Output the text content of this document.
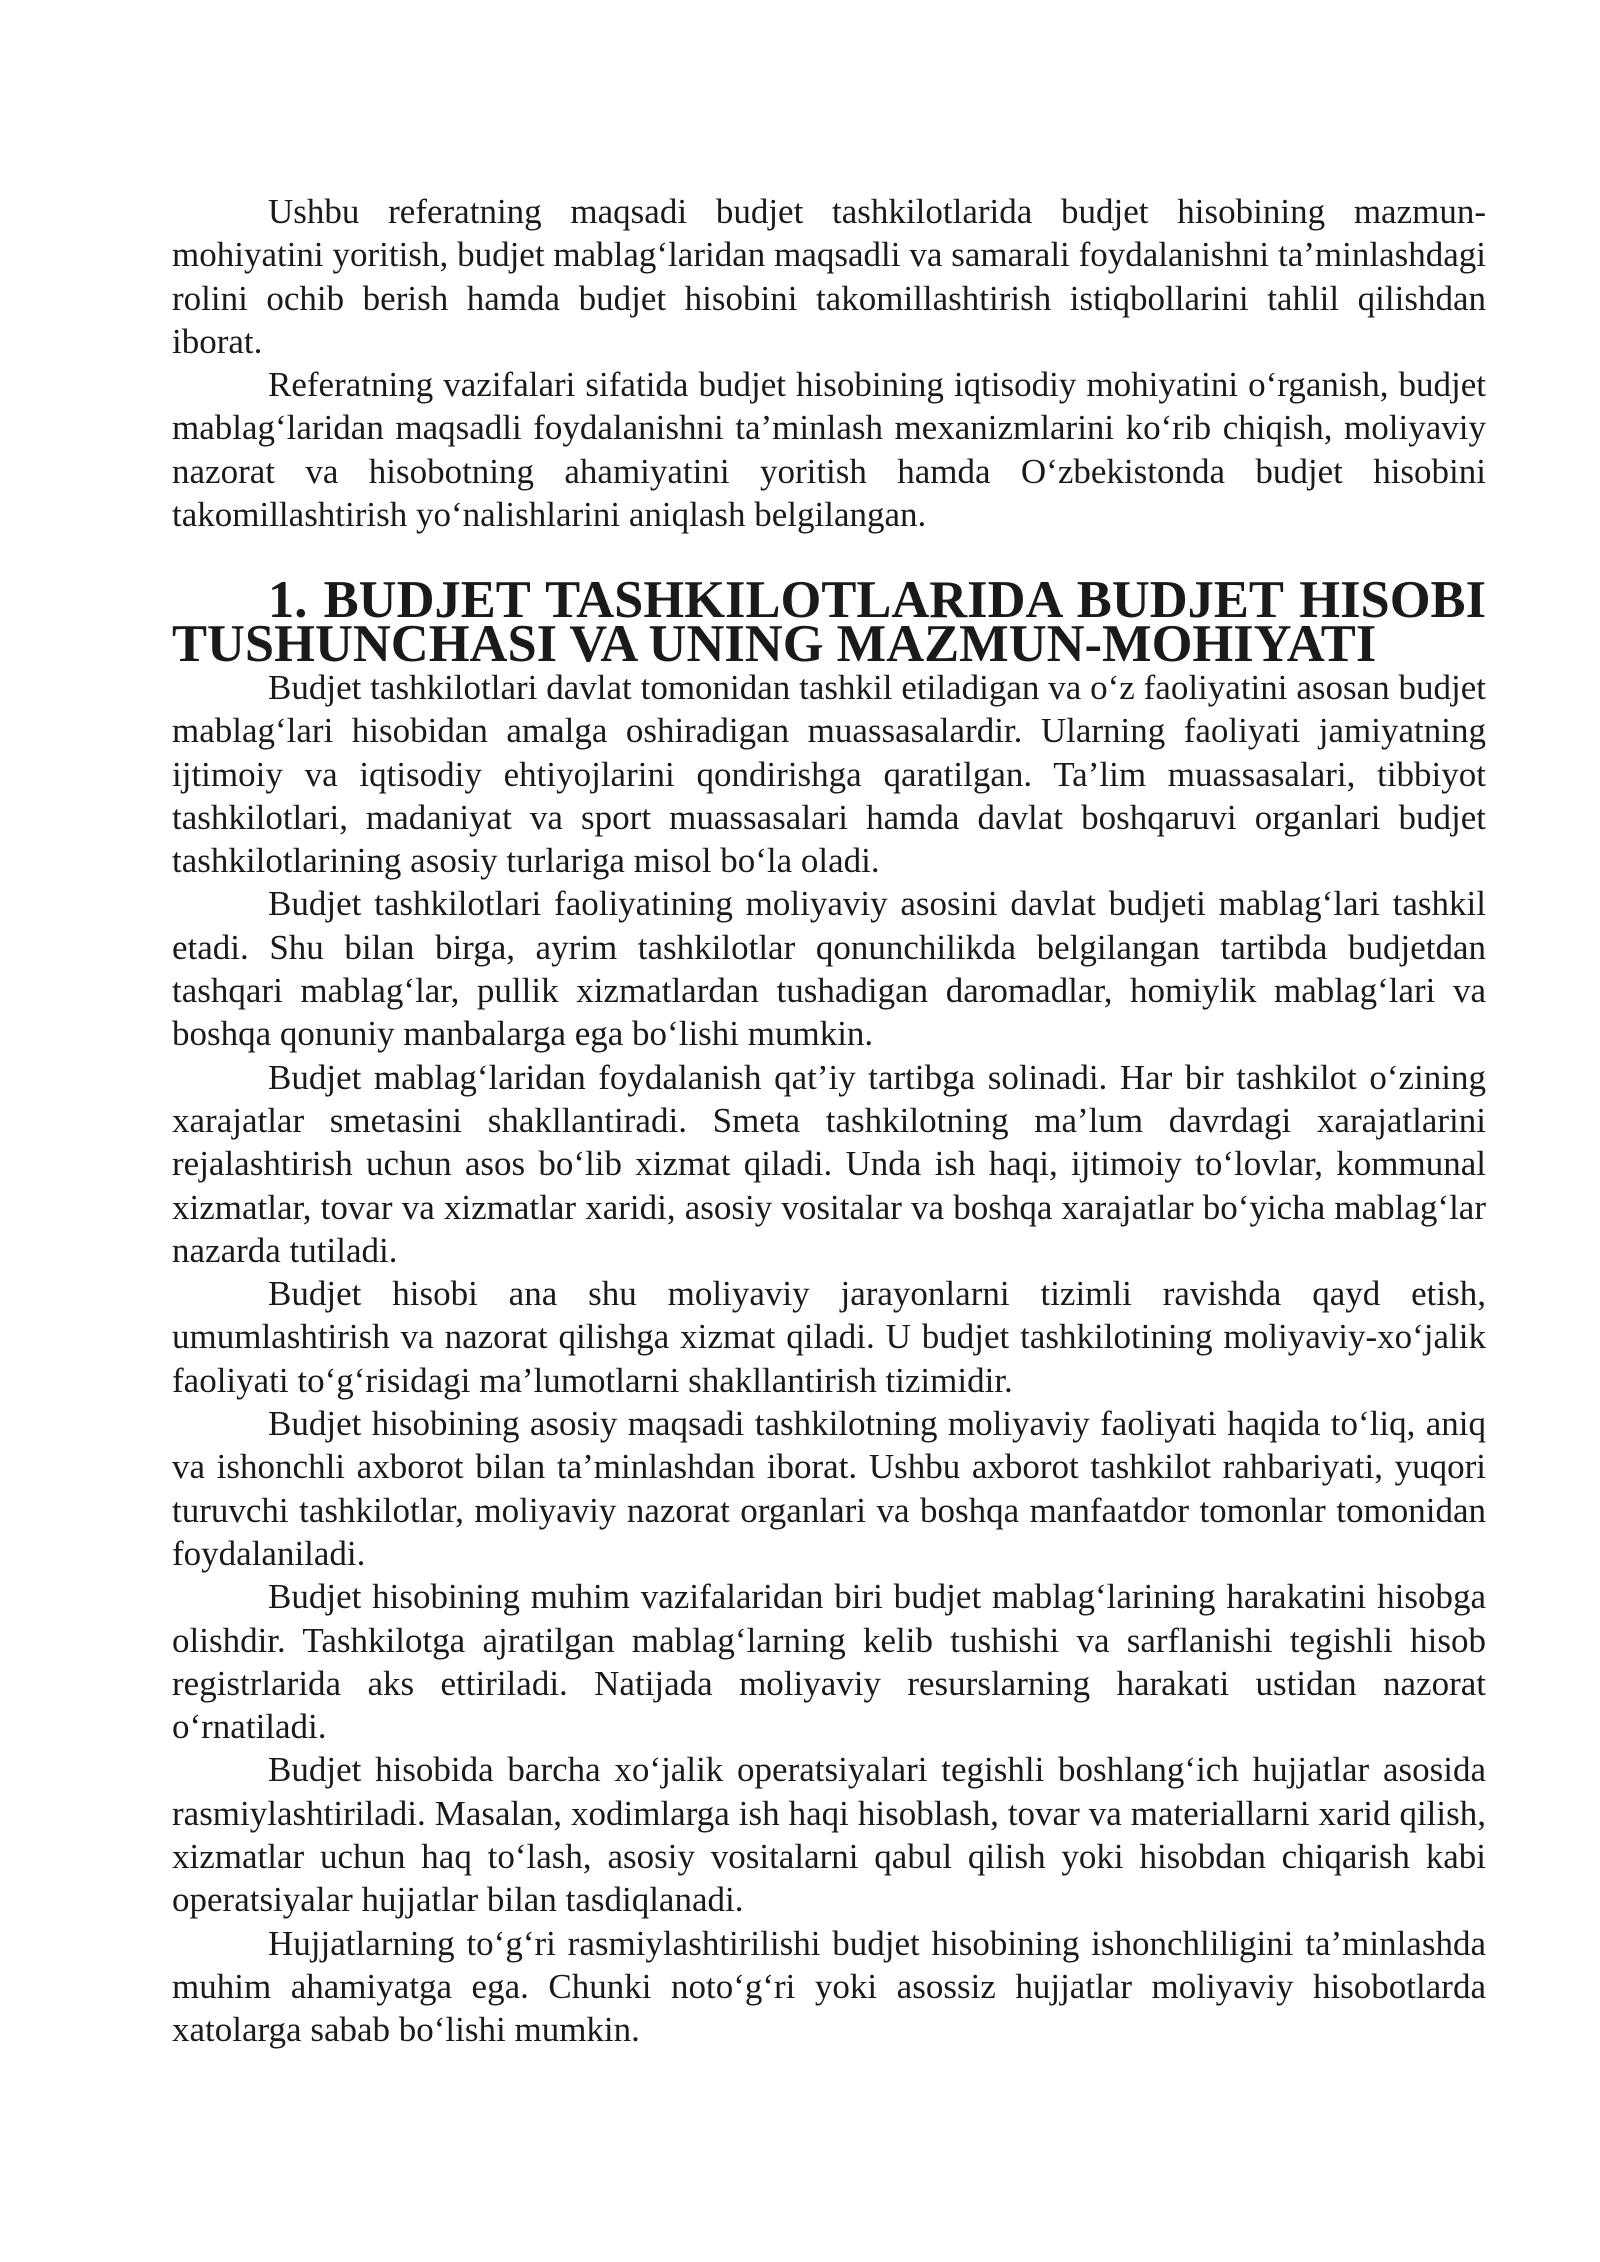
Ushbu referatning maqsadi budjet tashkilotlarida budjet hisobining mazmun-mohiyatini yoritish, budjet mablag‘laridan maqsadli va samarali foydalanishni ta’minlashdagi rolini ochib berish hamda budjet hisobini takomillashtirish istiqbollarini tahlil qilishdan iborat.

Referatning vazifalari sifatida budjet hisobining iqtisodiy mohiyatini o‘rganish, budjet mablag‘laridan maqsadli foydalanishni ta’minlash mexanizmlarini ko‘rib chiqish, moliyaviy nazorat va hisobotning ahamiyatini yoritish hamda O‘zbekistonda budjet hisobini takomillashtirish yo‘nalishlarini aniqlash belgilangan.

1. BUDJET TASHKILOTLARIDA BUDJET HISOBI TUSHUNCHASI VA UNING MAZMUN-MOHIYATI

Budjet tashkilotlari davlat tomonidan tashkil etiladigan va o‘z faoliyatini asosan budjet mablag‘lari hisobidan amalga oshiradigan muassasalardir. Ularning faoliyati jamiyatning ijtimoiy va iqtisodiy ehtiyojlarini qondirishga qaratilgan. Ta’lim muassasalari, tibbiyot tashkilotlari, madaniyat va sport muassasalari hamda davlat boshqaruvi organlari budjet tashkilotlarining asosiy turlariga misol bo‘la oladi.

Budjet tashkilotlari faoliyatining moliyaviy asosini davlat budjeti mablag‘lari tashkil etadi. Shu bilan birga, ayrim tashkilotlar qonunchilikda belgilangan tartibda budjetdan tashqari mablag‘lar, pullik xizmatlardan tushadigan daromadlar, homiylik mablag‘lari va boshqa qonuniy manbalarga ega bo‘lishi mumkin.

Budjet mablag‘laridan foydalanish qat’iy tartibga solinadi. Har bir tashkilot o‘zining xarajatlar smetasini shakllantiradi. Smeta tashkilotning ma’lum davrdagi xarajatlarini rejalashtirish uchun asos bo‘lib xizmat qiladi. Unda ish haqi, ijtimoiy to‘lovlar, kommunal xizmatlar, tovar va xizmatlar xaridi, asosiy vositalar va boshqa xarajatlar bo‘yicha mablag‘lar nazarda tutiladi.

Budjet hisobi ana shu moliyaviy jarayonlarni tizimli ravishda qayd etish, umumlashtirish va nazorat qilishga xizmat qiladi. U budjet tashkilotining moliyaviy-xo‘jalik faoliyati to‘g‘risidagi ma’lumotlarni shakllantirish tizimidir.

Budjet hisobining asosiy maqsadi tashkilotning moliyaviy faoliyati haqida to‘liq, aniq va ishonchli axborot bilan ta’minlashdan iborat. Ushbu axborot tashkilot rahbariyati, yuqori turuvchi tashkilotlar, moliyaviy nazorat organlari va boshqa manfaatdor tomonlar tomonidan foydalaniladi.

Budjet hisobining muhim vazifalaridan biri budjet mablag‘larining harakatini hisobga olishdir. Tashkilotga ajratilgan mablag‘larning kelib tushishi va sarflanishi tegishli hisob registrlarida aks ettiriladi. Natijada moliyaviy resurslarning harakati ustidan nazorat o‘rnatiladi.

Budjet hisobida barcha xo‘jalik operatsiyalari tegishli boshlang‘ich hujjatlar asosida rasmiylashtiriladi. Masalan, xodimlarga ish haqi hisoblash, tovar va materiallarni xarid qilish, xizmatlar uchun haq to‘lash, asosiy vositalarni qabul qilish yoki hisobdan chiqarish kabi operatsiyalar hujjatlar bilan tasdiqlanadi.

Hujjatlarning to‘g‘ri rasmiylashtirilishi budjet hisobining ishonchliligini ta’minlashda muhim ahamiyatga ega. Chunki noto‘g‘ri yoki asossiz hujjatlar moliyaviy hisobotlarda xatolarga sabab bo‘lishi mumkin.
